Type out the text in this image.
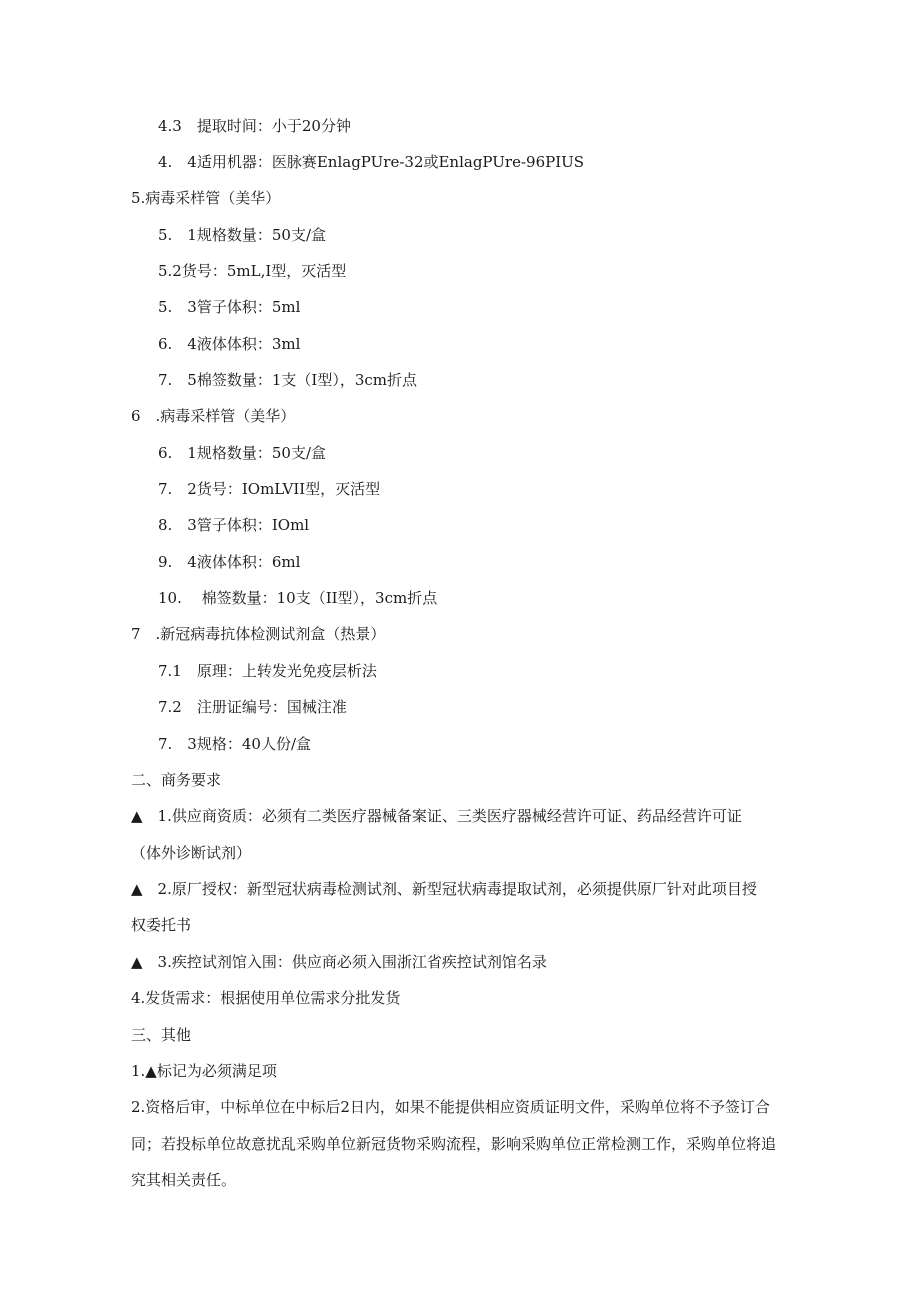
4.3　提取时间：小于20分钟
4.　4适用机器：医脉赛EnlagPUre-32或EnlagPUre-96PIUS
5.病毒采样管（美华）
5.　1规格数量：50支/盒
5.2货号：5mL,I型，灭活型
5.　3管子体积：5ml
6.　4液体体积：3ml
7.　5棉签数量：1支（I型），3cm折点
6　.病毒采样管（美华）
6.　1规格数量：50支/盒
7.　2货号：IOmLVII型，灭活型
8.　3管子体积：IOml
9.　4液体体积：6ml
10.　 棉签数量：10支（II型），3cm折点
7　.新冠病毒抗体检测试剂盒（热景）
7.1　原理：上转发光免疫层析法
7.2　注册证编号：国械注准
7.　3规格：40人份/盒
二、商务要求
▲　1.供应商资质：必须有二类医疗器械备案证、三类医疗器械经营许可证、药品经营许可证
（体外诊断试剂）
▲　2.原厂授权：新型冠状病毒检测试剂、新型冠状病毒提取试剂，必须提供原厂针对此项目授
权委托书
▲　3.疾控试剂馆入围：供应商必须入围浙江省疾控试剂馆名录
4.发货需求：根据使用单位需求分批发货
三、其他
1.▲标记为必须满足项
2.资格后审，中标单位在中标后2日内，如果不能提供相应资质证明文件，采购单位将不予签订合
同；若投标单位故意扰乱采购单位新冠货物采购流程，影响采购单位正常检测工作，采购单位将追
究其相关责任。
